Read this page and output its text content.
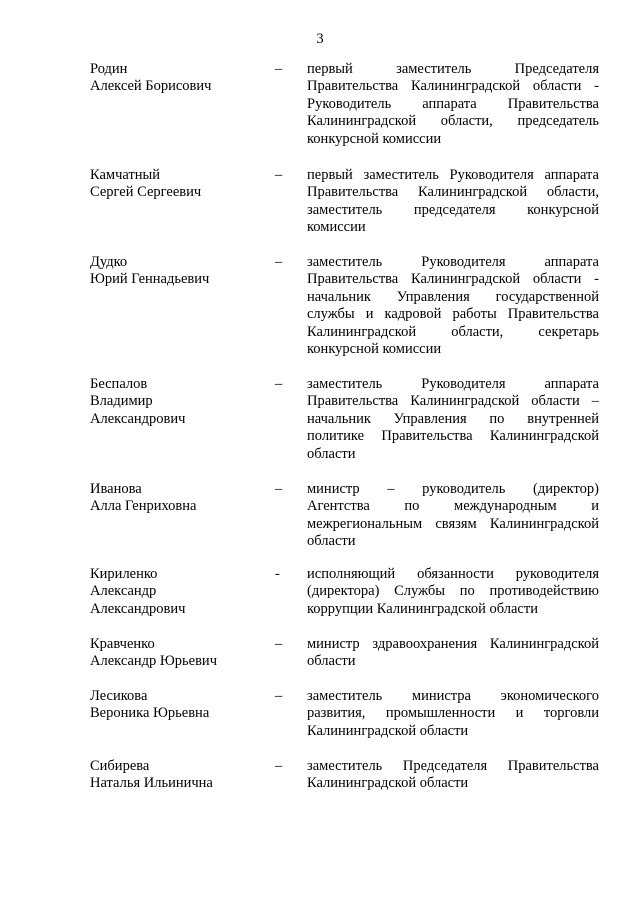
3
Родин
Алексей Борисович
– первый заместитель Председателя
Правительства Калининградской области -
Руководитель аппарата Правительства
Калининградской области, председатель
конкурсной комиссии
Камчатный
Сергей Сергеевич
– первый заместитель Руководителя аппарата
Правительства Калининградской области,
заместитель председателя конкурсной
комиссии
Дудко
Юрий Геннадьевич
– заместитель Руководителя аппарата
Правительства Калининградской области -
начальник Управления государственной
службы и кадровой работы Правительства
Калининградской области, секретарь
конкурсной комиссии
Беспалов
Владимир
Александрович
– заместитель Руководителя аппарата
Правительства Калининградской области –
начальник Управления по внутренней
политике Правительства Калининградской
области
Иванова
Алла Генриховна
– министр – руководитель (директор)
Агентства по международным и
межрегиональным связям Калининградской
области
Кириленко
Александр
Александрович
- исполняющий обязанности руководителя
(директора) Службы по противодействию
коррупции Калининградской области
Кравченко
Александр Юрьевич
– министр здравоохранения Калининградской
области
Лесикова
Вероника Юрьевна
– заместитель министра экономического
развития, промышленности и торговли
Калининградской области
Сибирева
Наталья Ильинична
– заместитель Председателя Правительства
Калининградской области
